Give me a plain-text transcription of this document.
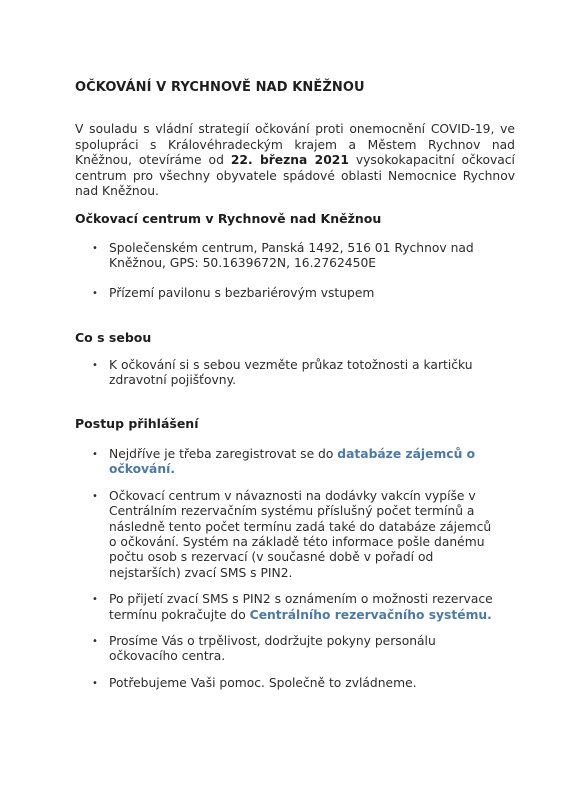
OČKOVÁNÍ V RYCHNOVĚ NAD KNĚŽNOU

V souladu s vládní strategií očkování proti onemocnění COVID-19, ve spolupráci s Královéhradeckým krajem a Městem Rychnov nad Kněžnou, otevíráme od 22. března 2021 vysokokapacitní očkovací centrum pro všechny obyvatele spádové oblasti Nemocnice Rychnov nad Kněžnou.

Očkovací centrum v Rychnově nad Kněžnou
• Společenském centrum, Panská 1492, 516 01 Rychnov nad Kněžnou, GPS: 50.1639672N, 16.2762450E
• Přízemí pavilonu s bezbariérovým vstupem
Co s sebou
• K očkování si s sebou vezměte průkaz totožnosti a kartičku zdravotní pojišťovny.
Postup přihlášení
• Nejdříve je třeba zaregistrovat se do databáze zájemců o očkování.
• Očkovací centrum v návaznosti na dodávky vakcín vypíše v Centrálním rezervačním systému příslušný počet termínů a následně tento počet termínu zadá také do databáze zájemců o očkování. Systém na základě této informace pošle danému počtu osob s rezervací (v současné době v pořadí od nejstarších) zvací SMS s PIN2.
• Po přijetí zvací SMS s PIN2 s oznámením o možnosti rezervace termínu pokračujte do Centrálního rezervačního systému.
• Prosíme Vás o trpělivost, dodržujte pokyny personálu očkovacího centra.
• Potřebujeme Vaši pomoc. Společně to zvládneme.
